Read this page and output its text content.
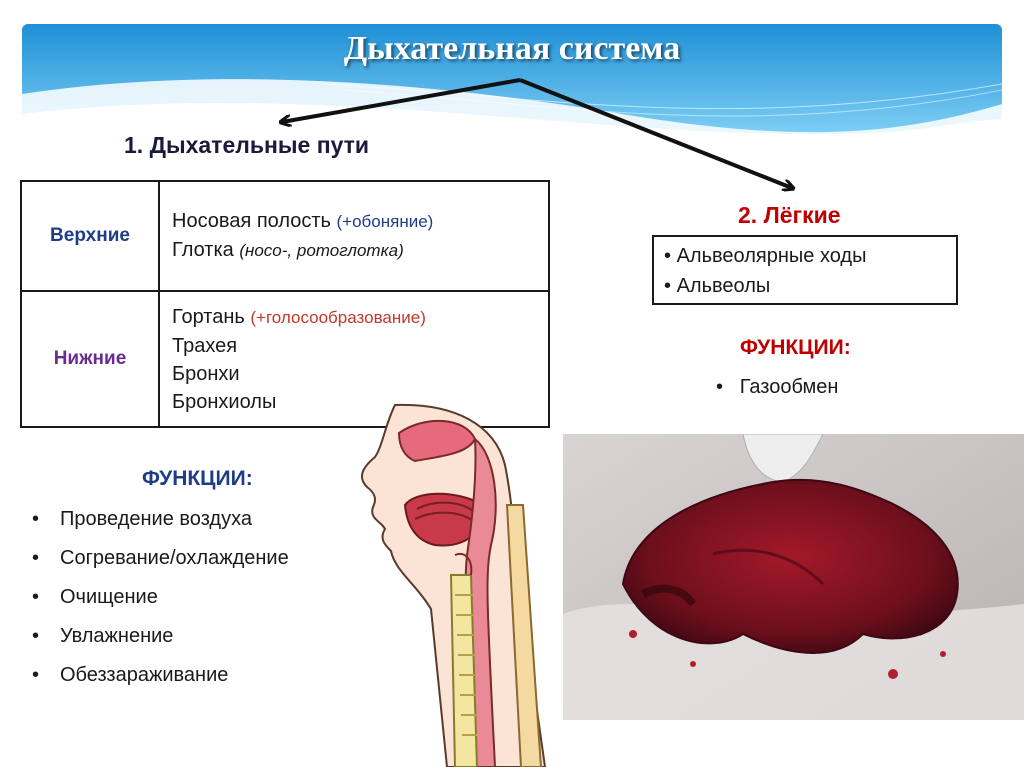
Дыхательная система
1. Дыхательные пути
Верхние	Носовая полость (+обоняние)
Глотка (носо-, ротоглотка)

Нижние	Гортань (+голосообразование)
Трахея
Бронхи
Бронхиолы
ФУНКЦИИ:
• Проведение воздуха
• Согревание/охлаждение
• Очищение
• Увлажнение
• Обеззараживание
2. Лёгкие
• Альвеолярные ходы
• Альвеолы
ФУНКЦИИ:
• Газообмен
